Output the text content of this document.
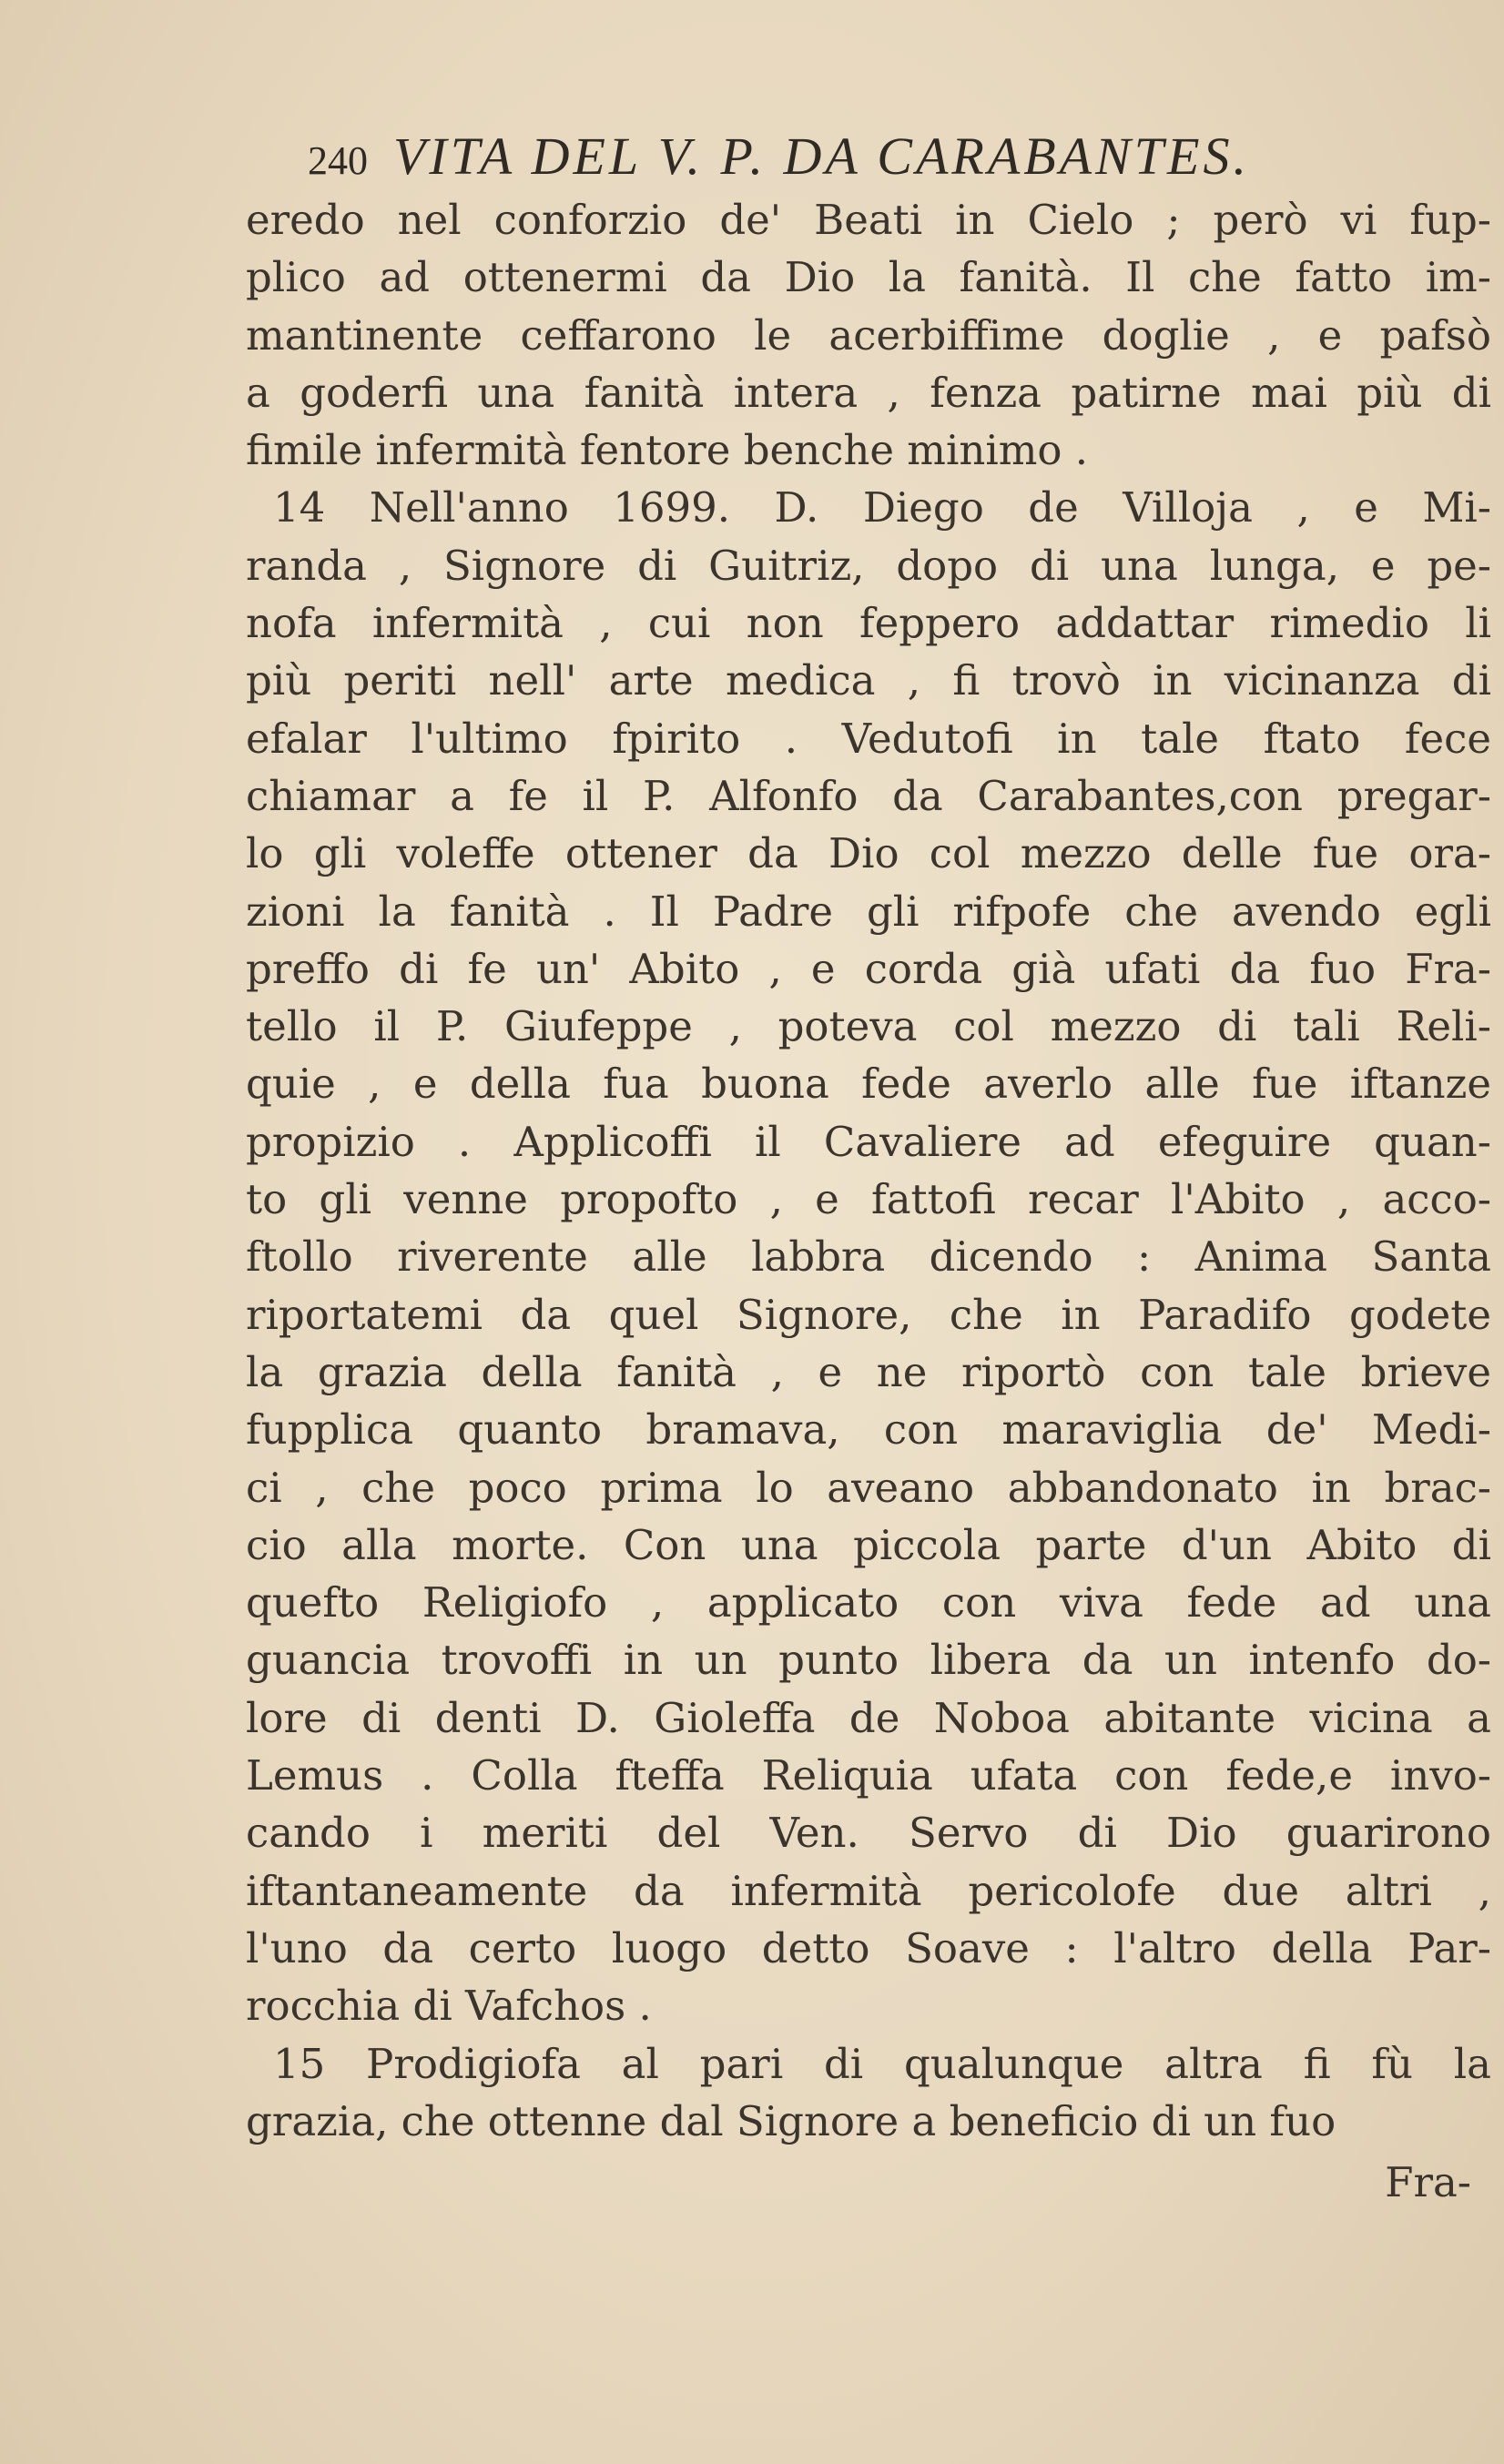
240 VITA DEL V. P. DA CARABANTES.
eredo nel conforzio de' Beati in Cielo ; però vi fup-
plico ad ottenermi da Dio la fanità. Il che fatto im-
mantinente ceffarono le acerbiffime doglie , e pafsò
a goderfi una fanità intera , fenza patirne mai più di
fimile infermità fentore benche minimo .
14 Nell'anno 1699. D. Diego de Villoja , e Mi-
randa , Signore di Guitriz, dopo di una lunga, e pe-
nofa infermità , cui non feppero addattar rimedio li
più periti nell' arte medica , fi trovò in vicinanza di
efalar l'ultimo fpirito . Vedutofi in tale ftato fece
chiamar a fe il P. Alfonfo da Carabantes,con pregar-
lo gli voleffe ottener da Dio col mezzo delle fue ora-
zioni la fanità . Il Padre gli rifpofe che avendo egli
preffo di fe un' Abito , e corda già ufati da fuo Fra-
tello il P. Giufeppe , poteva col mezzo di tali Reli-
quie , e della fua buona fede averlo alle fue iftanze
propizio . Applicoffi il Cavaliere ad efeguire quan-
to gli venne propofto , e fattofi recar l'Abito , acco-
ftollo riverente alle labbra dicendo : Anima Santa
riportatemi da quel Signore, che in Paradifo godete
la grazia della fanità , e ne riportò con tale brieve
fupplica quanto bramava, con maraviglia de' Medi-
ci , che poco prima lo aveano abbandonato in brac-
cio alla morte. Con una piccola parte d'un Abito di
quefto Religiofo , applicato con viva fede ad una
guancia trovoffi in un punto libera da un intenfo do-
lore di denti D. Gioleffa de Noboa abitante vicina a
Lemus . Colla fteffa Reliquia ufata con fede,e invo-
cando i meriti del Ven. Servo di Dio guarirono
iftantaneamente da infermità pericolofe due altri ,
l'uno da certo luogo detto Soave : l'altro della Par-
rocchia di Vafchos .
15 Prodigiofa al pari di qualunque altra fi fù la
grazia, che ottenne dal Signore a beneficio di un fuo
Fra-
